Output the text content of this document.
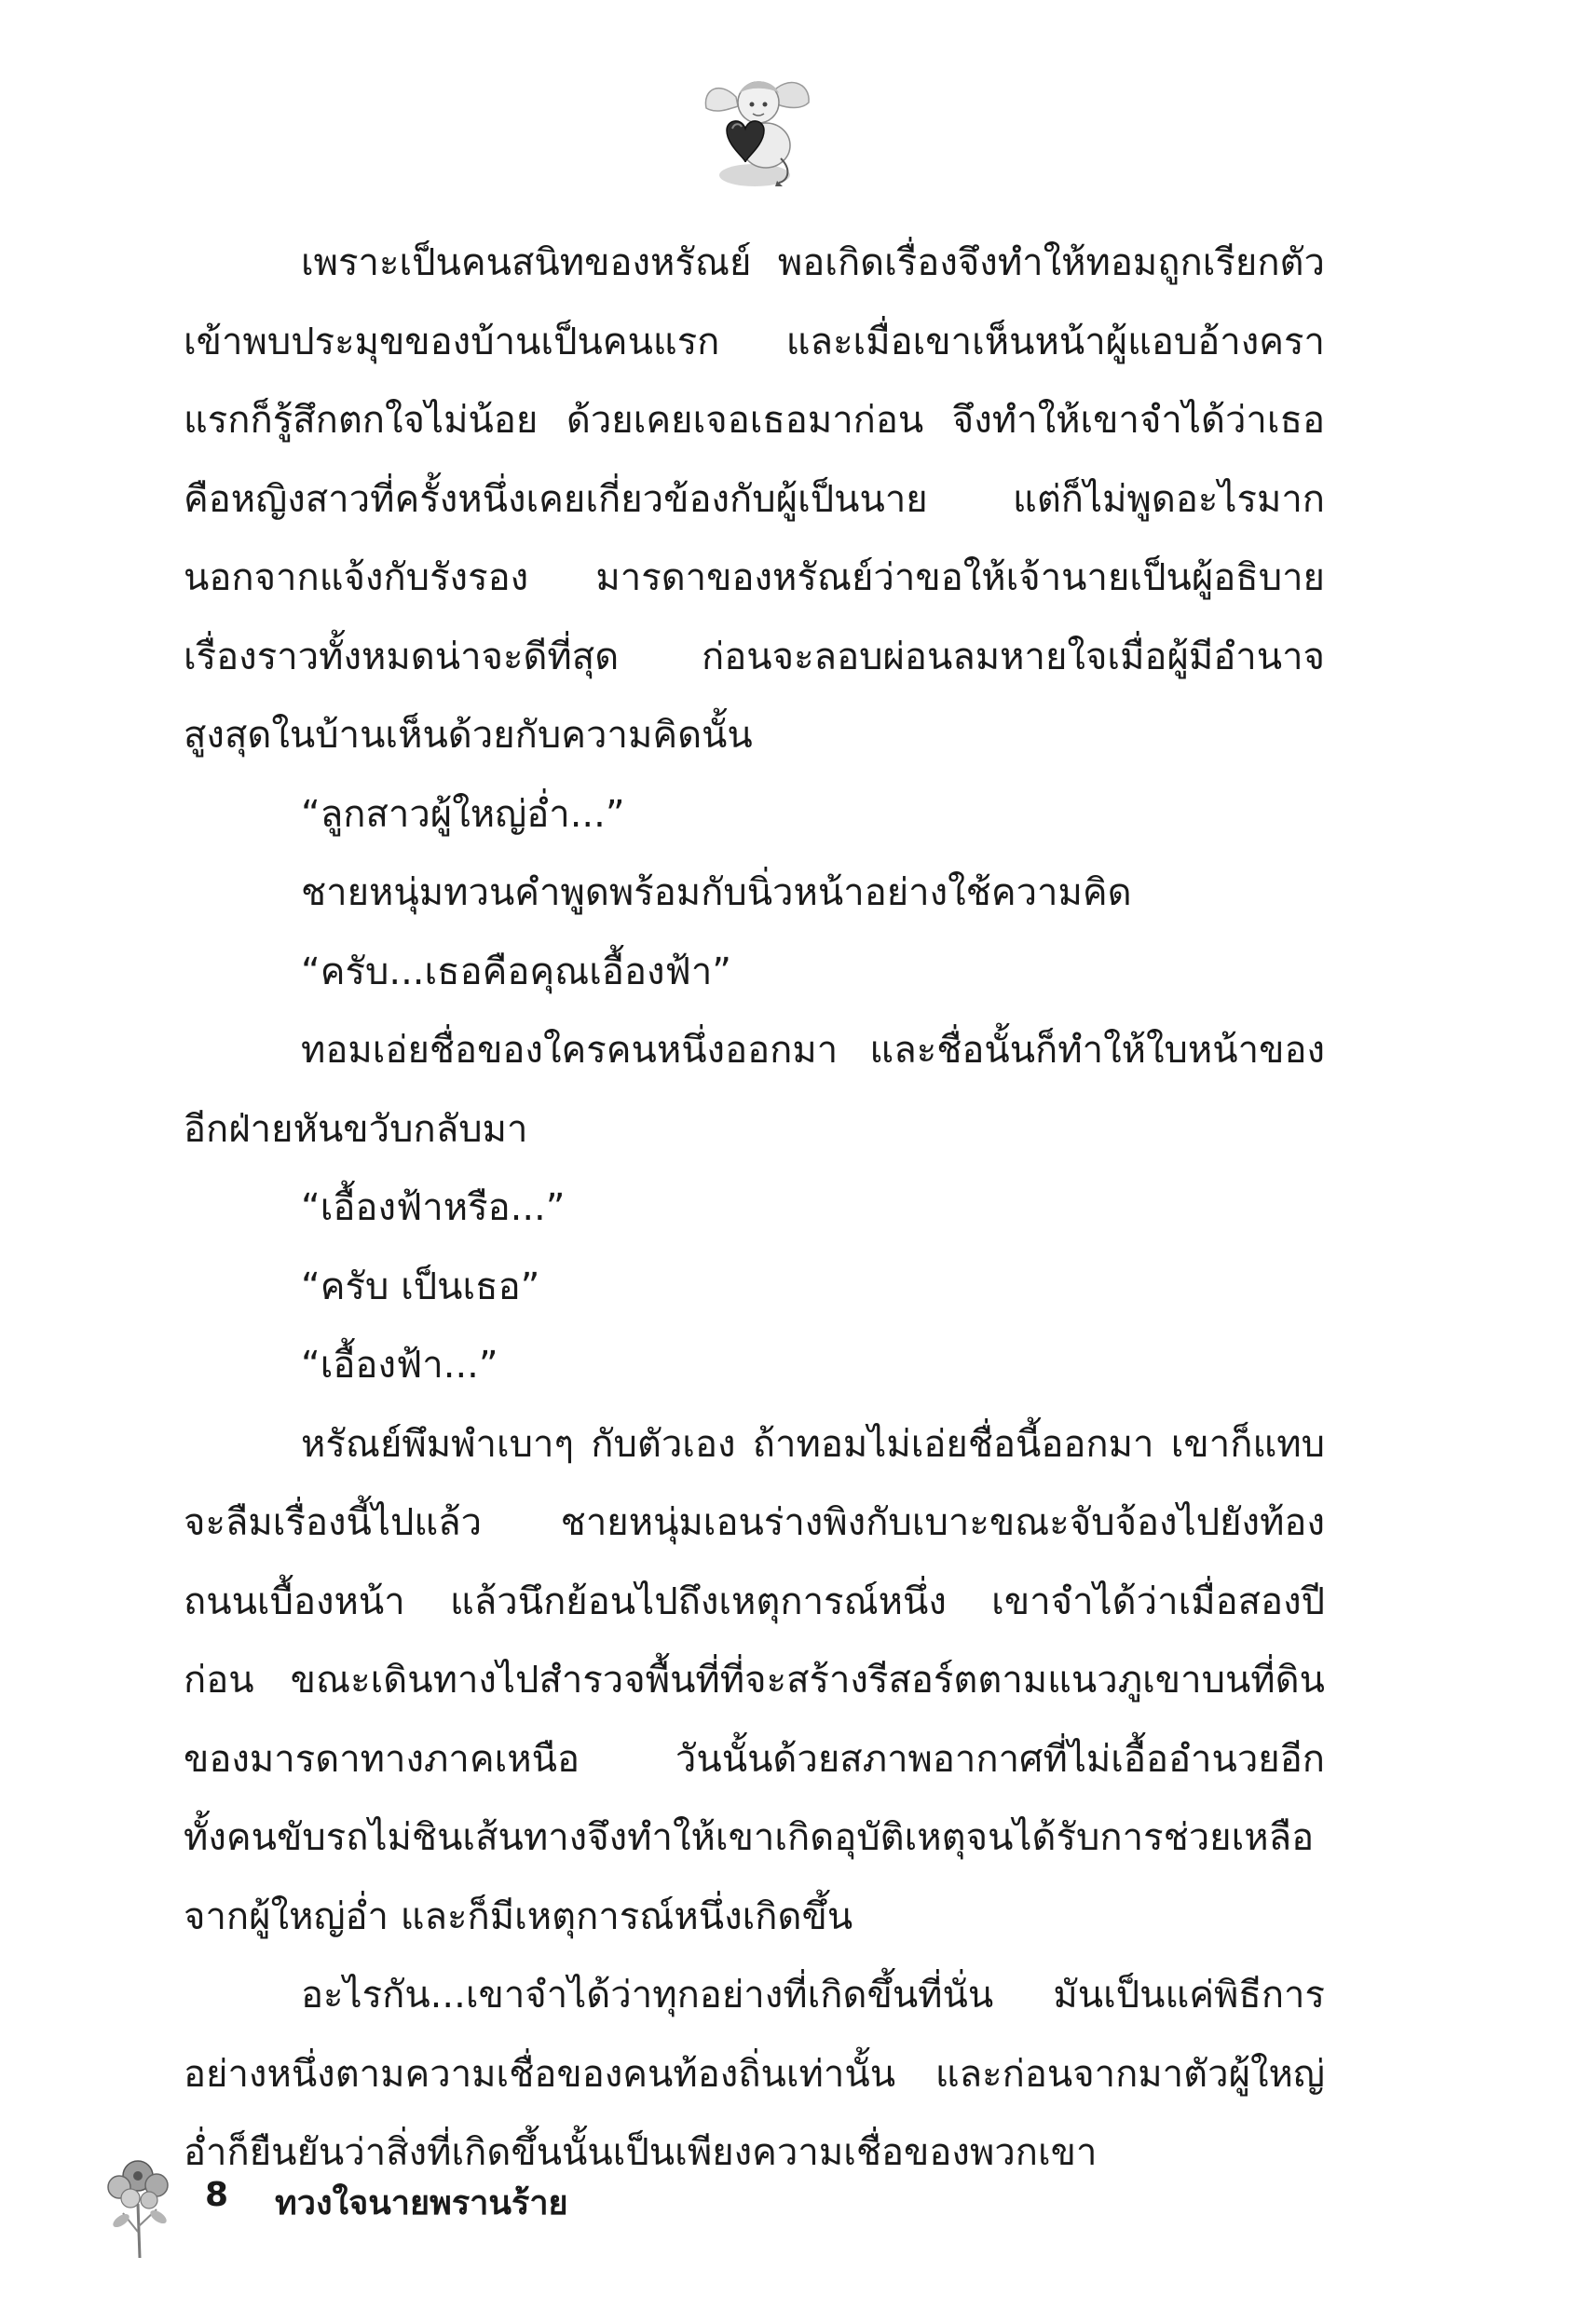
เพราะเป็นคนสนิทของหรัณย์ พอเกิดเรื่องจึงทำให้ทอมถูกเรียกตัวเข้าพบประมุขของบ้านเป็นคนแรก และเมื่อเขาเห็นหน้าผู้แอบอ้างคราแรกก็รู้สึกตกใจไม่น้อย ด้วยเคยเจอเธอมาก่อน จึงทำให้เขาจำได้ว่าเธอคือหญิงสาวที่ครั้งหนึ่งเคยเกี่ยวข้องกับผู้เป็นนาย แต่ก็ไม่พูดอะไรมาก นอกจากแจ้งกับรังรอง มารดาของหรัณย์ว่าขอให้เจ้านายเป็นผู้อธิบายเรื่องราวทั้งหมดน่าจะดีที่สุด ก่อนจะลอบผ่อนลมหายใจเมื่อผู้มีอำนาจสูงสุดในบ้านเห็นด้วยกับความคิดนั้น

“ลูกสาวผู้ใหญ่อ่ำ...”

ชายหนุ่มทวนคำพูดพร้อมกับนิ่วหน้าอย่างใช้ความคิด

“ครับ...เธอคือคุณเอื้องฟ้า”

ทอมเอ่ยชื่อของใครคนหนึ่งออกมา และชื่อนั้นก็ทำให้ใบหน้าของอีกฝ่ายหันขวับกลับมา

“เอื้องฟ้าหรือ...”

“ครับ เป็นเธอ”

“เอื้องฟ้า...”

หรัณย์พึมพำเบาๆ กับตัวเอง ถ้าทอมไม่เอ่ยชื่อนี้ออกมา เขาก็แทบจะลืมเรื่องนี้ไปแล้ว ชายหนุ่มเอนร่างพิงกับเบาะขณะจับจ้องไปยังท้องถนนเบื้องหน้า แล้วนึกย้อนไปถึงเหตุการณ์หนึ่ง เขาจำได้ว่าเมื่อสองปีก่อน ขณะเดินทางไปสำรวจพื้นที่ที่จะสร้างรีสอร์ตตามแนวภูเขาบนที่ดินของมารดาทางภาคเหนือ วันนั้นด้วยสภาพอากาศที่ไม่เอื้ออำนวยอีกทั้งคนขับรถไม่ชินเส้นทางจึงทำให้เขาเกิดอุบัติเหตุจนได้รับการช่วยเหลือจากผู้ใหญ่อ่ำ และก็มีเหตุการณ์หนึ่งเกิดขึ้น

อะไรกัน...เขาจำได้ว่าทุกอย่างที่เกิดขึ้นที่นั่น มันเป็นแค่พิธีการอย่างหนึ่งตามความเชื่อของคนท้องถิ่นเท่านั้น และก่อนจากมาตัวผู้ใหญ่อ่ำก็ยืนยันว่าสิ่งที่เกิดขึ้นนั้นเป็นเพียงความเชื่อของพวกเขา

8 ทวงใจนายพรานร้าย
